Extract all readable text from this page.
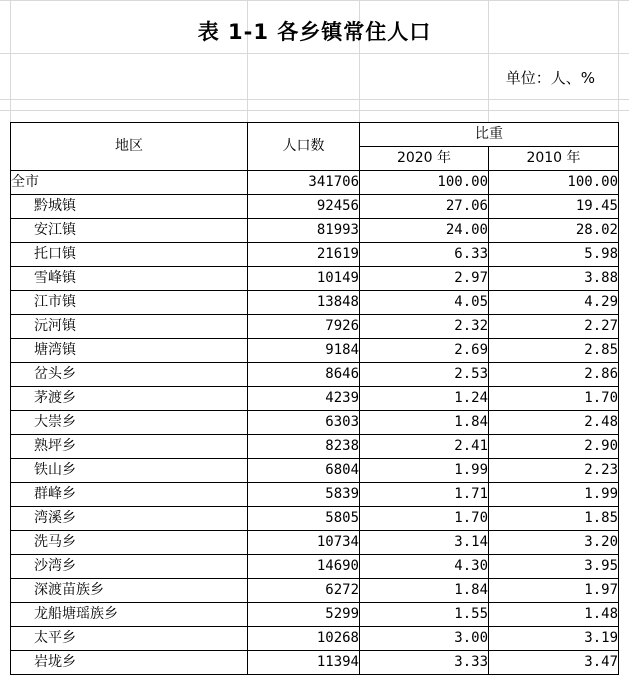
表 1-1 各乡镇常住人口
单位：人、%
地区	人口数	比重	
		2020 年	2010 年
全市	341706	100.00	100.00
黔城镇	92456	27.06	19.45
安江镇	81993	24.00	28.02
托口镇	21619	6.33	5.98
雪峰镇	10149	2.97	3.88
江市镇	13848	4.05	4.29
沅河镇	7926	2.32	2.27
塘湾镇	9184	2.69	2.85
岔头乡	8646	2.53	2.86
茅渡乡	4239	1.24	1.70
大崇乡	6303	1.84	2.48
熟坪乡	8238	2.41	2.90
铁山乡	6804	1.99	2.23
群峰乡	5839	1.71	1.99
湾溪乡	5805	1.70	1.85
洗马乡	10734	3.14	3.20
沙湾乡	14690	4.30	3.95
深渡苗族乡	6272	1.84	1.97
龙船塘瑶族乡	5299	1.55	1.48
太平乡	10268	3.00	3.19
岩垅乡	11394	3.33	3.47
